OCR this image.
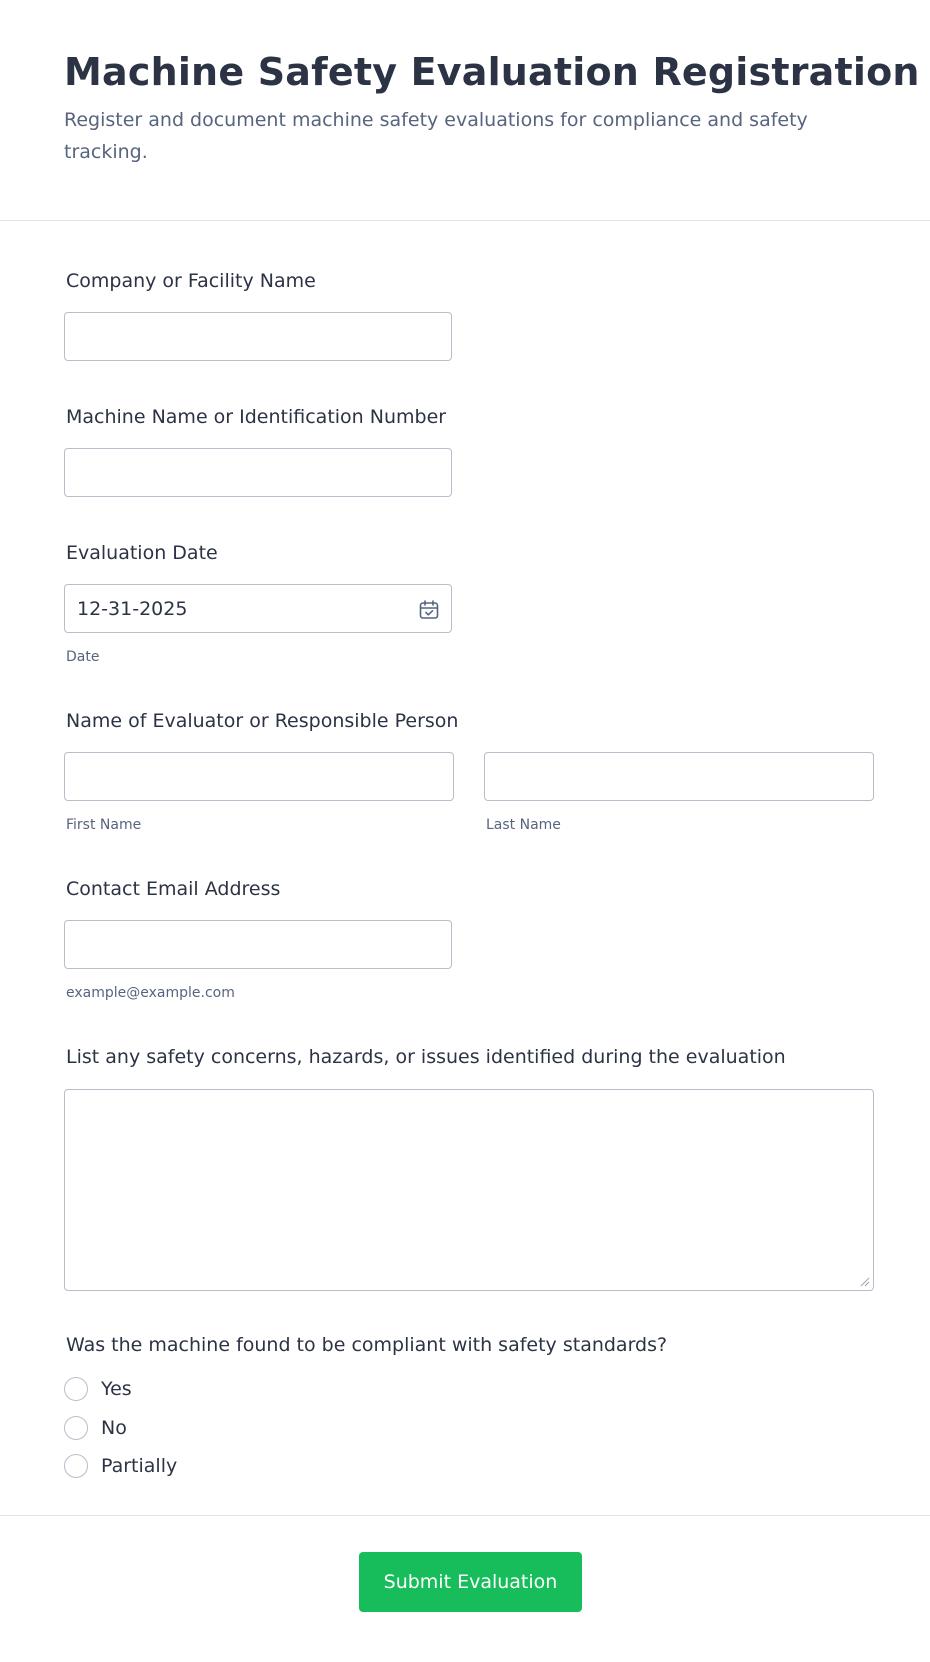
Machine Safety Evaluation Registration

Register and document machine safety evaluations for compliance and safety tracking.

Company or Facility Name
Machine Name or Identification Number
Evaluation Date
12-31-2025
Date
Name of Evaluator or Responsible Person
First Name	Last Name
Contact Email Address
example@example.com
List any safety concerns, hazards, or issues identified during the evaluation
Was the machine found to be compliant with safety standards?
Yes
No
Partially
Submit Evaluation
